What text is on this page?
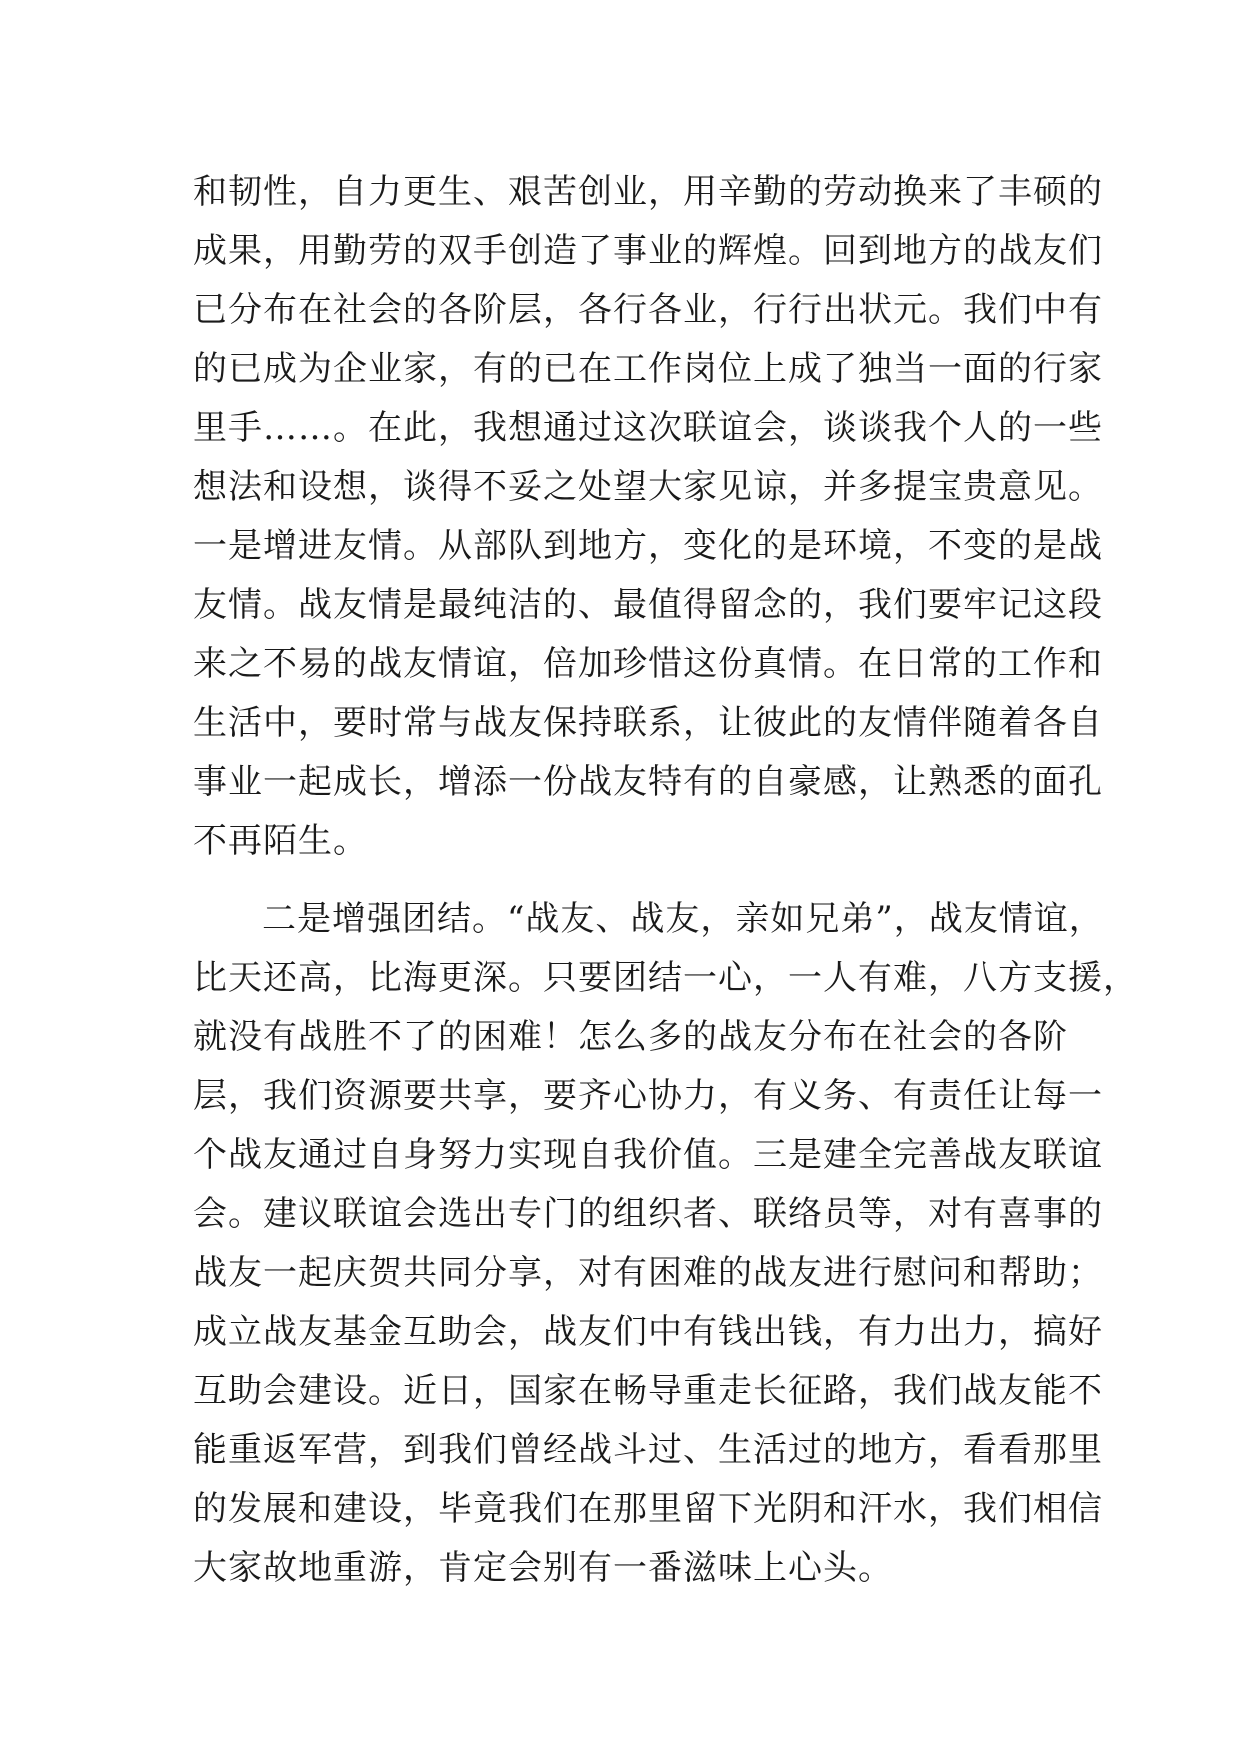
和韧性，自力更生、艰苦创业，用辛勤的劳动换来了丰硕的
成果，用勤劳的双手创造了事业的辉煌。回到地方的战友们
已分布在社会的各阶层，各行各业，行行出状元。我们中有
的已成为企业家，有的已在工作岗位上成了独当一面的行家
里手……。在此，我想通过这次联谊会，谈谈我个人的一些
想法和设想，谈得不妥之处望大家见谅，并多提宝贵意见。
一是增进友情。从部队到地方，变化的是环境，不变的是战
友情。战友情是最纯洁的、最值得留念的，我们要牢记这段
来之不易的战友情谊，倍加珍惜这份真情。在日常的工作和
生活中，要时常与战友保持联系，让彼此的友情伴随着各自
事业一起成长，增添一份战友特有的自豪感，让熟悉的面孔
不再陌生。
二是增强团结。“战友、战友，亲如兄弟”，战友情谊，
比天还高，比海更深。只要团结一心，一人有难，八方支援，
就没有战胜不了的困难！怎么多的战友分布在社会的各阶
层，我们资源要共享，要齐心协力，有义务、有责任让每一
个战友通过自身努力实现自我价值。三是建全完善战友联谊
会。建议联谊会选出专门的组织者、联络员等，对有喜事的
战友一起庆贺共同分享，对有困难的战友进行慰问和帮助；
成立战友基金互助会，战友们中有钱出钱，有力出力，搞好
互助会建设。近日，国家在畅导重走长征路，我们战友能不
能重返军营，到我们曾经战斗过、生活过的地方，看看那里
的发展和建设，毕竟我们在那里留下光阴和汗水，我们相信
大家故地重游，肯定会别有一番滋味上心头。
